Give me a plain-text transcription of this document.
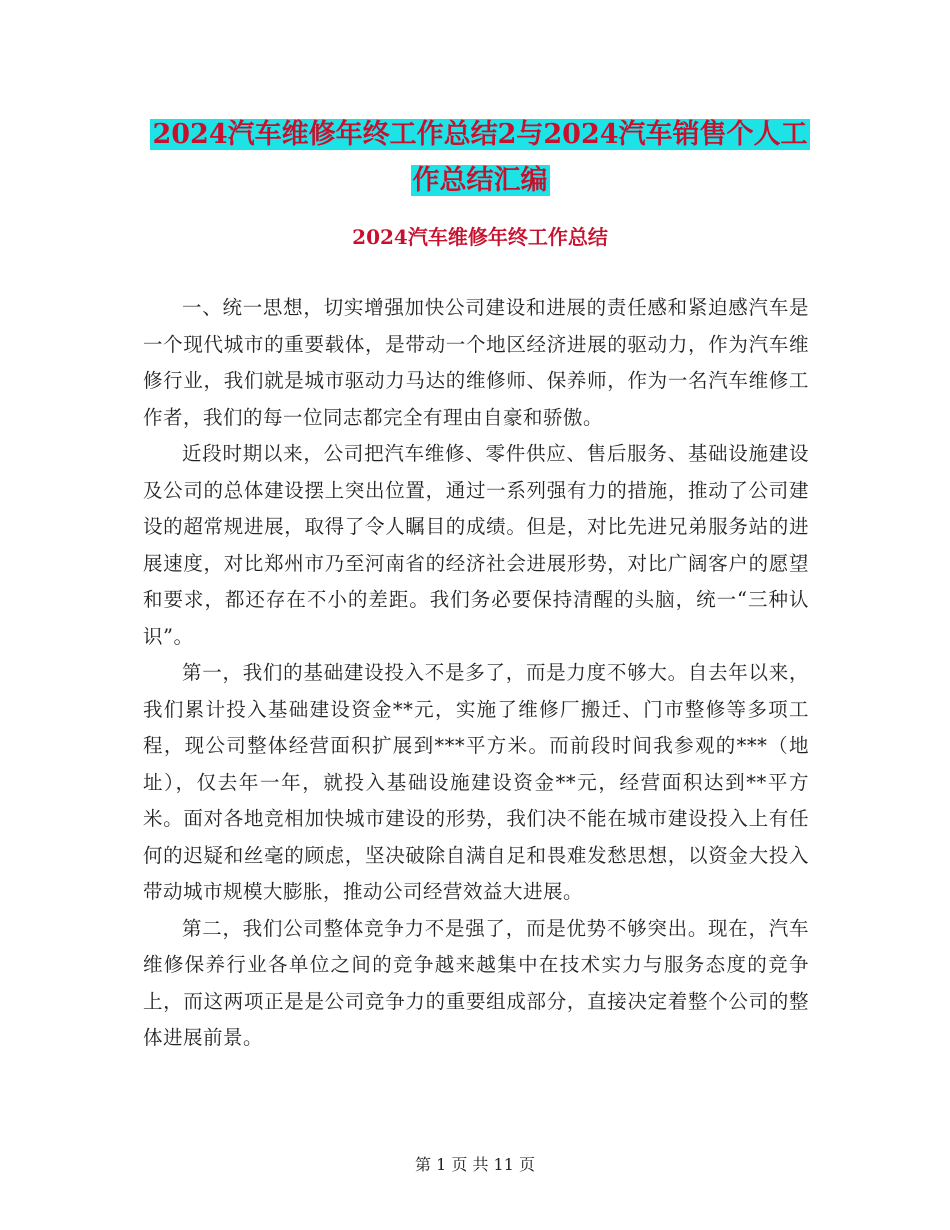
2024汽车维修年终工作总结2与2024汽车销售个人工
作总结汇编
2024汽车维修年终工作总结

一、统一思想，切实增强加快公司建设和进展的责任感和紧迫感汽车是一个现代城市的重要载体，是带动一个地区经济进展的驱动力，作为汽车维修行业，我们就是城市驱动力马达的维修师、保养师，作为一名汽车维修工作者，我们的每一位同志都完全有理由自豪和骄傲。

近段时期以来，公司把汽车维修、零件供应、售后服务、基础设施建设及公司的总体建设摆上突出位置，通过一系列强有力的措施，推动了公司建设的超常规进展，取得了令人瞩目的成绩。但是，对比先进兄弟服务站的进展速度，对比郑州市乃至河南省的经济社会进展形势，对比广阔客户的愿望和要求，都还存在不小的差距。我们务必要保持清醒的头脑，统一“三种认识”。

第一，我们的基础建设投入不是多了，而是力度不够大。自去年以来，我们累计投入基础建设资金**元，实施了维修厂搬迁、门市整修等多项工程，现公司整体经营面积扩展到***平方米。而前段时间我参观的***（地址），仅去年一年，就投入基础设施建设资金**元，经营面积达到**平方米。面对各地竞相加快城市建设的形势，我们决不能在城市建设投入上有任何的迟疑和丝毫的顾虑，坚决破除自满自足和畏难发愁思想，以资金大投入带动城市规模大膨胀，推动公司经营效益大进展。

第二，我们公司整体竞争力不是强了，而是优势不够突出。现在，汽车维修保养行业各单位之间的竞争越来越集中在技术实力与服务态度的竞争上，而这两项正是是公司竞争力的重要组成部分，直接决定着整个公司的整体进展前景。

第 1 页 共 11 页
